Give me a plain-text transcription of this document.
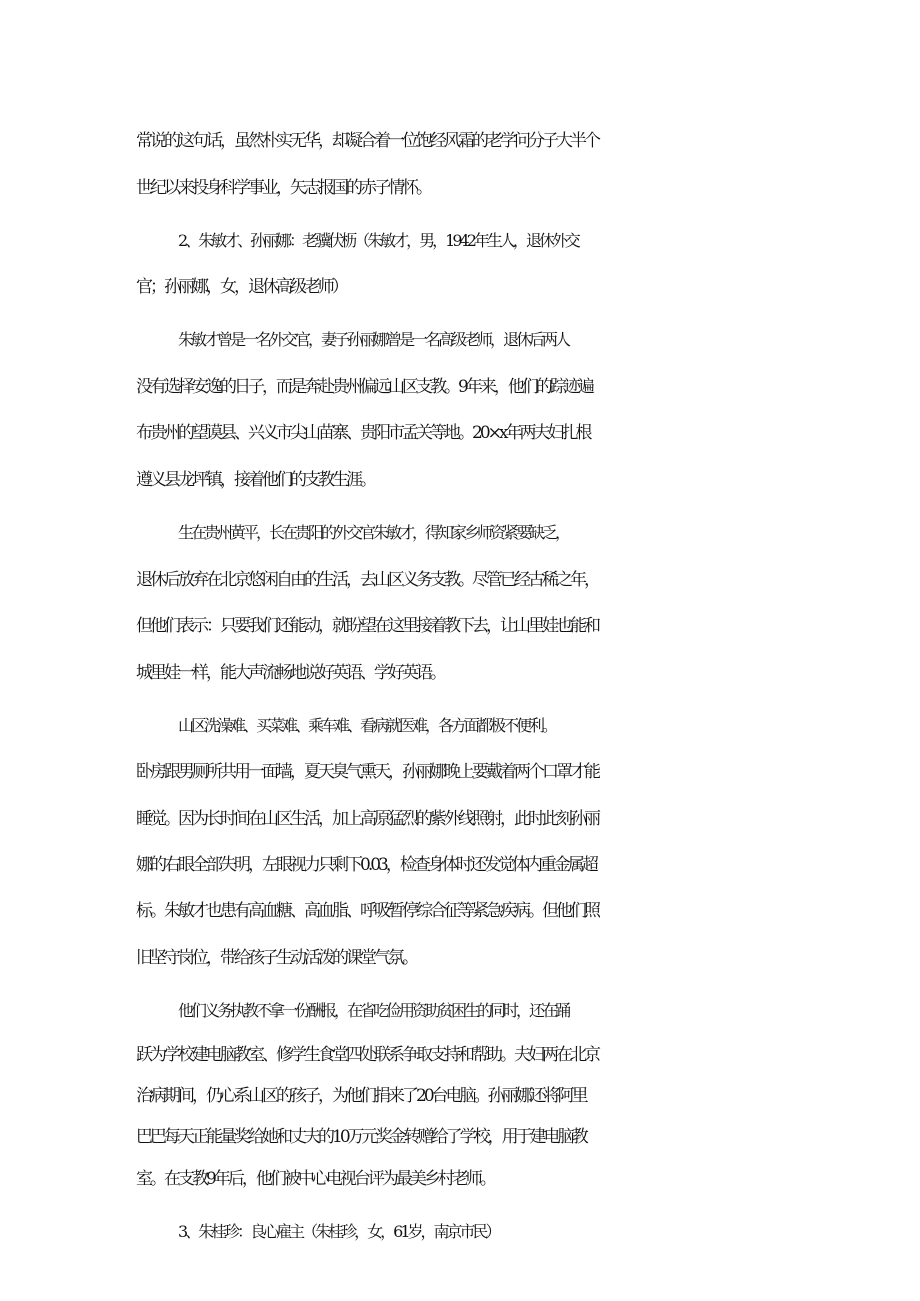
常说的这句话，虽然朴实无华，却凝合着一位饱经风霜的老学问分子大半个
世纪以来投身科学事业，矢志报国的赤子情怀。
2、朱敏才、孙丽娜：老骥伏枥（朱敏才，男，1942年生人，退休外交
官；孙丽娜，女，退休高级老师）
朱敏才曾是一名外交官，妻子孙丽娜曾是一名高级老师，退休后两人
没有选择安逸的日子，而是奔赴贵州偏远山区支教。9年来，他们的踪迹遍
布贵州的望谟县、兴义市尖山苗寨、贵阳市孟关等地。20×x年两夫妇扎根
遵义县龙坪镇，接着他们的支教生涯。
生在贵州黄平，长在贵阳的外交官朱敏才，得知家乡师资紧要缺乏，
退休后放弃在北京悠闲自由的生活，去山区义务支教。尽管已经古稀之年，
但他们表示：只要我们还能动，就盼望在这里接着教下去，让山里娃也能和
城里娃一样，能大声流畅地说好英语、学好英语。
山区洗澡难、买菜难、乘车难、看病就医难，各方面都极不便利。
卧房跟男厕所共用一面墙，夏天臭气熏天，孙丽娜晚上要戴着两个口罩才能
睡觉。因为长时间在山区生活，加上高原猛烈的紫外线照射，此时此刻孙丽
娜的右眼全部失明，左眼视力只剩下0.03，检查身体时还发觉体内重金属超
标。朱敏才也患有高血糖、高血脂、呼吸暂停综合征等紧急疾病。但他们照
旧坚守岗位，带给孩子生动活泼的课堂气氛。
他们义务执教不拿一份酬报，在省吃俭用资助贫困生的同时，还在踊
跃为学校建电脑教室、修学生食堂四处联系争取支持和帮助。夫妇两在北京
治病期间，仍心系山区的孩子，为他们捐来了20台电脑。孙丽娜还将阿里
巴巴每天正能量奖给她和丈夫的10万元奖金转赠给了学校，用于建电脑教
室。在支教9年后，他们被中心电视台评为最美乡村老师。
3、朱桂珍：良心雇主（朱桂珍，女，61岁，南京市民）
